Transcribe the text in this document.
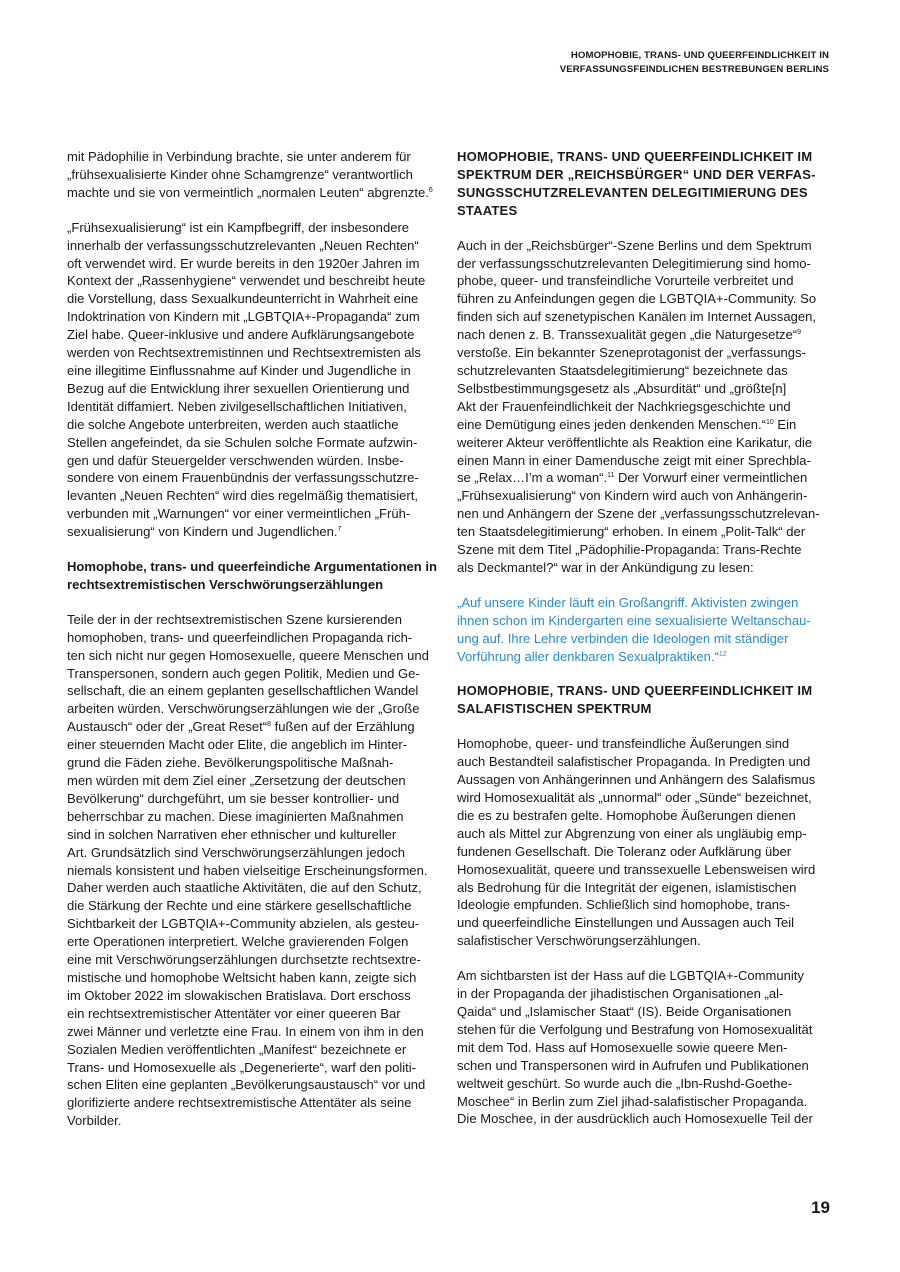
HOMOPHOBIE, TRANS- UND QUEERFEINDLICHKEIT IN
VERFASSUNGSFEINDLICHEN BESTREBUNGEN BERLINS
mit Pädophilie in Verbindung brachte, sie unter anderem für
„frühsexualisierte Kinder ohne Schamgrenze“ verantwortlich
machte und sie von vermeintlich „normalen Leuten“ abgrenzte.$^6$
„Frühsexualisierung“ ist ein Kampfbegriff, der insbesondere
innerhalb der verfassungsschutzrelevanten „Neuen Rechten“
oft verwendet wird. Er wurde bereits in den 1920er Jahren im
Kontext der „Rassenhygiene“ verwendet und beschreibt heute
die Vorstellung, dass Sexualkundeunterricht in Wahrheit eine
Indoktrination von Kindern mit „LGBTQIA+-Propaganda“ zum
Ziel habe. Queer-inklusive und andere Aufklärungsangebote
werden von Rechtsextremistinnen und Rechtsextremisten als
eine illegitime Einflussnahme auf Kinder und Jugendliche in
Bezug auf die Entwicklung ihrer sexuellen Orientierung und
Identität diffamiert. Neben zivilgesellschaftlichen Initiativen,
die solche Angebote unterbreiten, werden auch staatliche
Stellen angefeindet, da sie Schulen solche Formate aufzwin-
gen und dafür Steuergelder verschwenden würden. Insbe-
sondere von einem Frauenbündnis der verfassungsschutzre-
levanten „Neuen Rechten“ wird dies regelmäßig thematisiert,
verbunden mit „Warnungen“ vor einer vermeintlichen „Früh-
sexualisierung“ von Kindern und Jugendlichen.$^7$
Homophobe, trans- und queerfeindiche Argumentationen in
rechtsextremistischen Verschwörungserzählungen
Teile der in der rechtsextremistischen Szene kursierenden
homophoben, trans- und queerfeindlichen Propaganda rich-
ten sich nicht nur gegen Homosexuelle, queere Menschen und
Transpersonen, sondern auch gegen Politik, Medien und Ge-
sellschaft, die an einem geplanten gesellschaftlichen Wandel
arbeiten würden. Verschwörungserzählungen wie der „Große
Austausch“ oder der „Great Reset“$^8$ fußen auf der Erzählung
einer steuernden Macht oder Elite, die angeblich im Hinter-
grund die Fäden ziehe. Bevölkerungspolitische Maßnah-
men würden mit dem Ziel einer „Zersetzung der deutschen
Bevölkerung“ durchgeführt, um sie besser kontrollier- und
beherrschbar zu machen. Diese imaginierten Maßnahmen
sind in solchen Narrativen eher ethnischer und kultureller
Art. Grundsätzlich sind Verschwörungserzählungen jedoch
niemals konsistent und haben vielseitige Erscheinungsformen.
Daher werden auch staatliche Aktivitäten, die auf den Schutz,
die Stärkung der Rechte und eine stärkere gesellschaftliche
Sichtbarkeit der LGBTQIA+-Community abzielen, als gesteu-
erte Operationen interpretiert. Welche gravierenden Folgen
eine mit Verschwörungserzählungen durchsetzte rechtsextre-
mistische und homophobe Weltsicht haben kann, zeigte sich
im Oktober 2022 im slowakischen Bratislava. Dort erschoss
ein rechtsextremistischer Attentäter vor einer queeren Bar
zwei Männer und verletzte eine Frau. In einem von ihm in den
Sozialen Medien veröffentlichten „Manifest“ bezeichnete er
Trans- und Homosexuelle als „Degenerierte“, warf den politi-
schen Eliten eine geplanten „Bevölkerungsaustausch“ vor und
glorifizierte andere rechtsextremistische Attentäter als seine
Vorbilder.
HOMOPHOBIE, TRANS- UND QUEERFEINDLICHKEIT IM
SPEKTRUM DER „REICHSBÜRGER“ UND DER VERFAS-
SUNGSSCHUTZRELEVANTEN DELEGITIMIERUNG DES
STAATES
Auch in der „Reichsbürger“-Szene Berlins und dem Spektrum
der verfassungsschutzrelevanten Delegitimierung sind homo-
phobe, queer- und transfeindliche Vorurteile verbreitet und
führen zu Anfeindungen gegen die LGBTQIA+-Community. So
finden sich auf szenetypischen Kanälen im Internet Aussagen,
nach denen z. B. Transsexualität gegen „die Naturgesetze“$^9$
verstoße. Ein bekannter Szeneprotagonist der „verfassungs-
schutzrelevanten Staatsdelegitimierung“ bezeichnete das
Selbstbestimmungsgesetz als „Absurdität“ und „größte[n]
Akt der Frauenfeindlichkeit der Nachkriegsgeschichte und
eine Demütigung eines jeden denkenden Menschen.“$^{10}$ Ein
weiterer Akteur veröffentlichte als Reaktion eine Karikatur, die
einen Mann in einer Damendusche zeigt mit einer Sprechbla-
se „Relax…I’m a woman“.$^{11}$ Der Vorwurf einer vermeintlichen
„Frühsexualisierung“ von Kindern wird auch von Anhängerin-
nen und Anhängern der Szene der „verfassungsschutzrelevan-
ten Staatsdelegitimierung“ erhoben. In einem „Polit-Talk“ der
Szene mit dem Titel „Pädophilie-Propaganda: Trans-Rechte
als Deckmantel?“ war in der Ankündigung zu lesen:
„Auf unsere Kinder läuft ein Großangriff. Aktivisten zwingen
ihnen schon im Kindergarten eine sexualisierte Weltanschau-
ung auf. Ihre Lehre verbinden die Ideologen mit ständiger
Vorführung aller denkbaren Sexualpraktiken.“$^{12}$
HOMOPHOBIE, TRANS- UND QUEERFEINDLICHKEIT IM
SALAFISTISCHEN SPEKTRUM
Homophobe, queer- und transfeindliche Äußerungen sind
auch Bestandteil salafistischer Propaganda. In Predigten und
Aussagen von Anhängerinnen und Anhängern des Salafismus
wird Homosexualität als „unnormal“ oder „Sünde“ bezeichnet,
die es zu bestrafen gelte. Homophobe Äußerungen dienen
auch als Mittel zur Abgrenzung von einer als ungläubig emp-
fundenen Gesellschaft. Die Toleranz oder Aufklärung über
Homosexualität, queere und transsexuelle Lebensweisen wird
als Bedrohung für die Integrität der eigenen, islamistischen
Ideologie empfunden. Schließlich sind homophobe, trans-
und queerfeindliche Einstellungen und Aussagen auch Teil
salafistischer Verschwörungserzählungen.
Am sichtbarsten ist der Hass auf die LGBTQIA+-Community
in der Propaganda der jihadistischen Organisationen „al-
Qaida“ und „Islamischer Staat“ (IS). Beide Organisationen
stehen für die Verfolgung und Bestrafung von Homosexualität
mit dem Tod. Hass auf Homosexuelle sowie queere Men-
schen und Transpersonen wird in Aufrufen und Publikationen
weltweit geschürt. So wurde auch die „Ibn-Rushd-Goethe-
Moschee“ in Berlin zum Ziel jihad-salafistischer Propaganda.
Die Moschee, in der ausdrücklich auch Homosexuelle Teil der
19
